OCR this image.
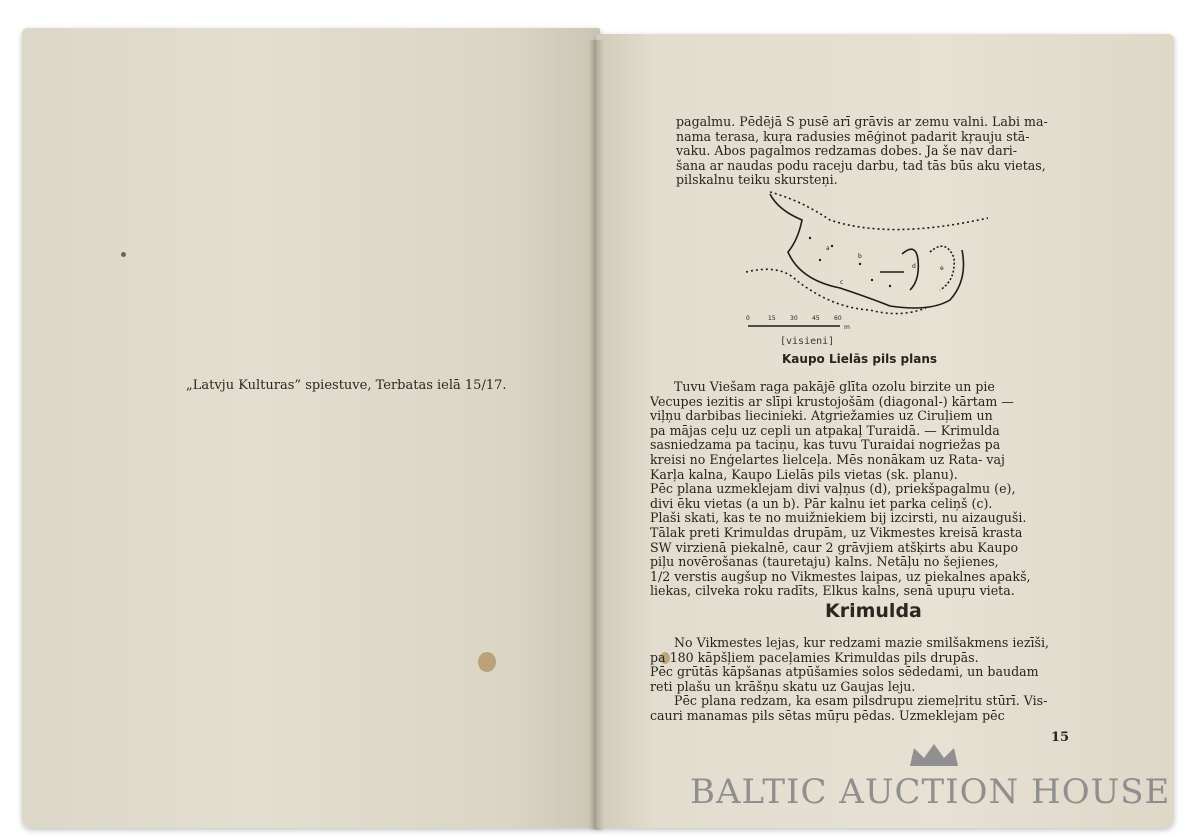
„Latvju Kulturas” spiestuve, Terbatas ielā 15/17.

pagalmu. Pēdējā S pusē arī grāvis ar zemu valni. Labi ma-
nama terasa, kuŗa radusies mēģinot padarit kŗauju stā-
vaku. Abos pagalmos redzamas dobes. Ja še nav dari-
šana ar naudas podu raceju darbu, tad tās būs aku vietas,
pilskalnu teiku skursteņi.

0	15 30 45 60
m
a
b
c
d	e
[visieni]
Kaupo Lielās pils plans

Tuvu Viešam raga pakājē glīta ozolu birzite un pie
Vecupes iezitis ar slīpi krustojošām (diagonal-) kārtam —
viļņu darbibas liecinieki. Atgriežamies uz Ciruļiem un
pa mājas ceļu uz cepli un atpakaļ Turaidā. — Krimulda
sasniedzama pa taciņu, kas tuvu Turaidai nogriežas pa
kreisi no Enģelartes lielceļa. Mēs nonākam uz Rata- vaj
Karļa kalna, Kaupo Lielās pils vietas (sk. planu).
Pēc plana uzmeklejam divi vaļņus (d), priekšpagalmu (e),
divi ēku vietas (a un b). Pār kalnu iet parka celiņš (c).
Plaši skati, kas te no muižniekiem bij izcirsti, nu aizauguši.
Tālak preti Krimuldas drupām, uz Vikmestes kreisā krasta
SW virzienā piekalnē, caur 2 grāvjiem atšķirts abu Kaupo
piļu novērošanas (tauretaju) kalns. Netāļu no šejienes,
1/2 verstis augšup no Vikmestes laipas, uz piekalnes apakš,
liekas, cilveka roku radīts, Elkus kalns, senā upuŗu vieta.

Krimulda

No Vikmestes lejas, kur redzami mazie smilšakmens iezīši,
pa 180 kāpšļiem paceļamies Krimuldas pils drupās.
Pēc grūtās kāpšanas atpūšamies solos sēdedami, un baudam
reti plašu un krāšņu skatu uz Gaujas leju.
Pēc plana redzam, ka esam pilsdrupu ziemeļritu stūrī. Vis-
cauri manamas pils sētas mūŗu pēdas. Uzmeklejam pēc

15
BALTIC AUCTION HOUSE
